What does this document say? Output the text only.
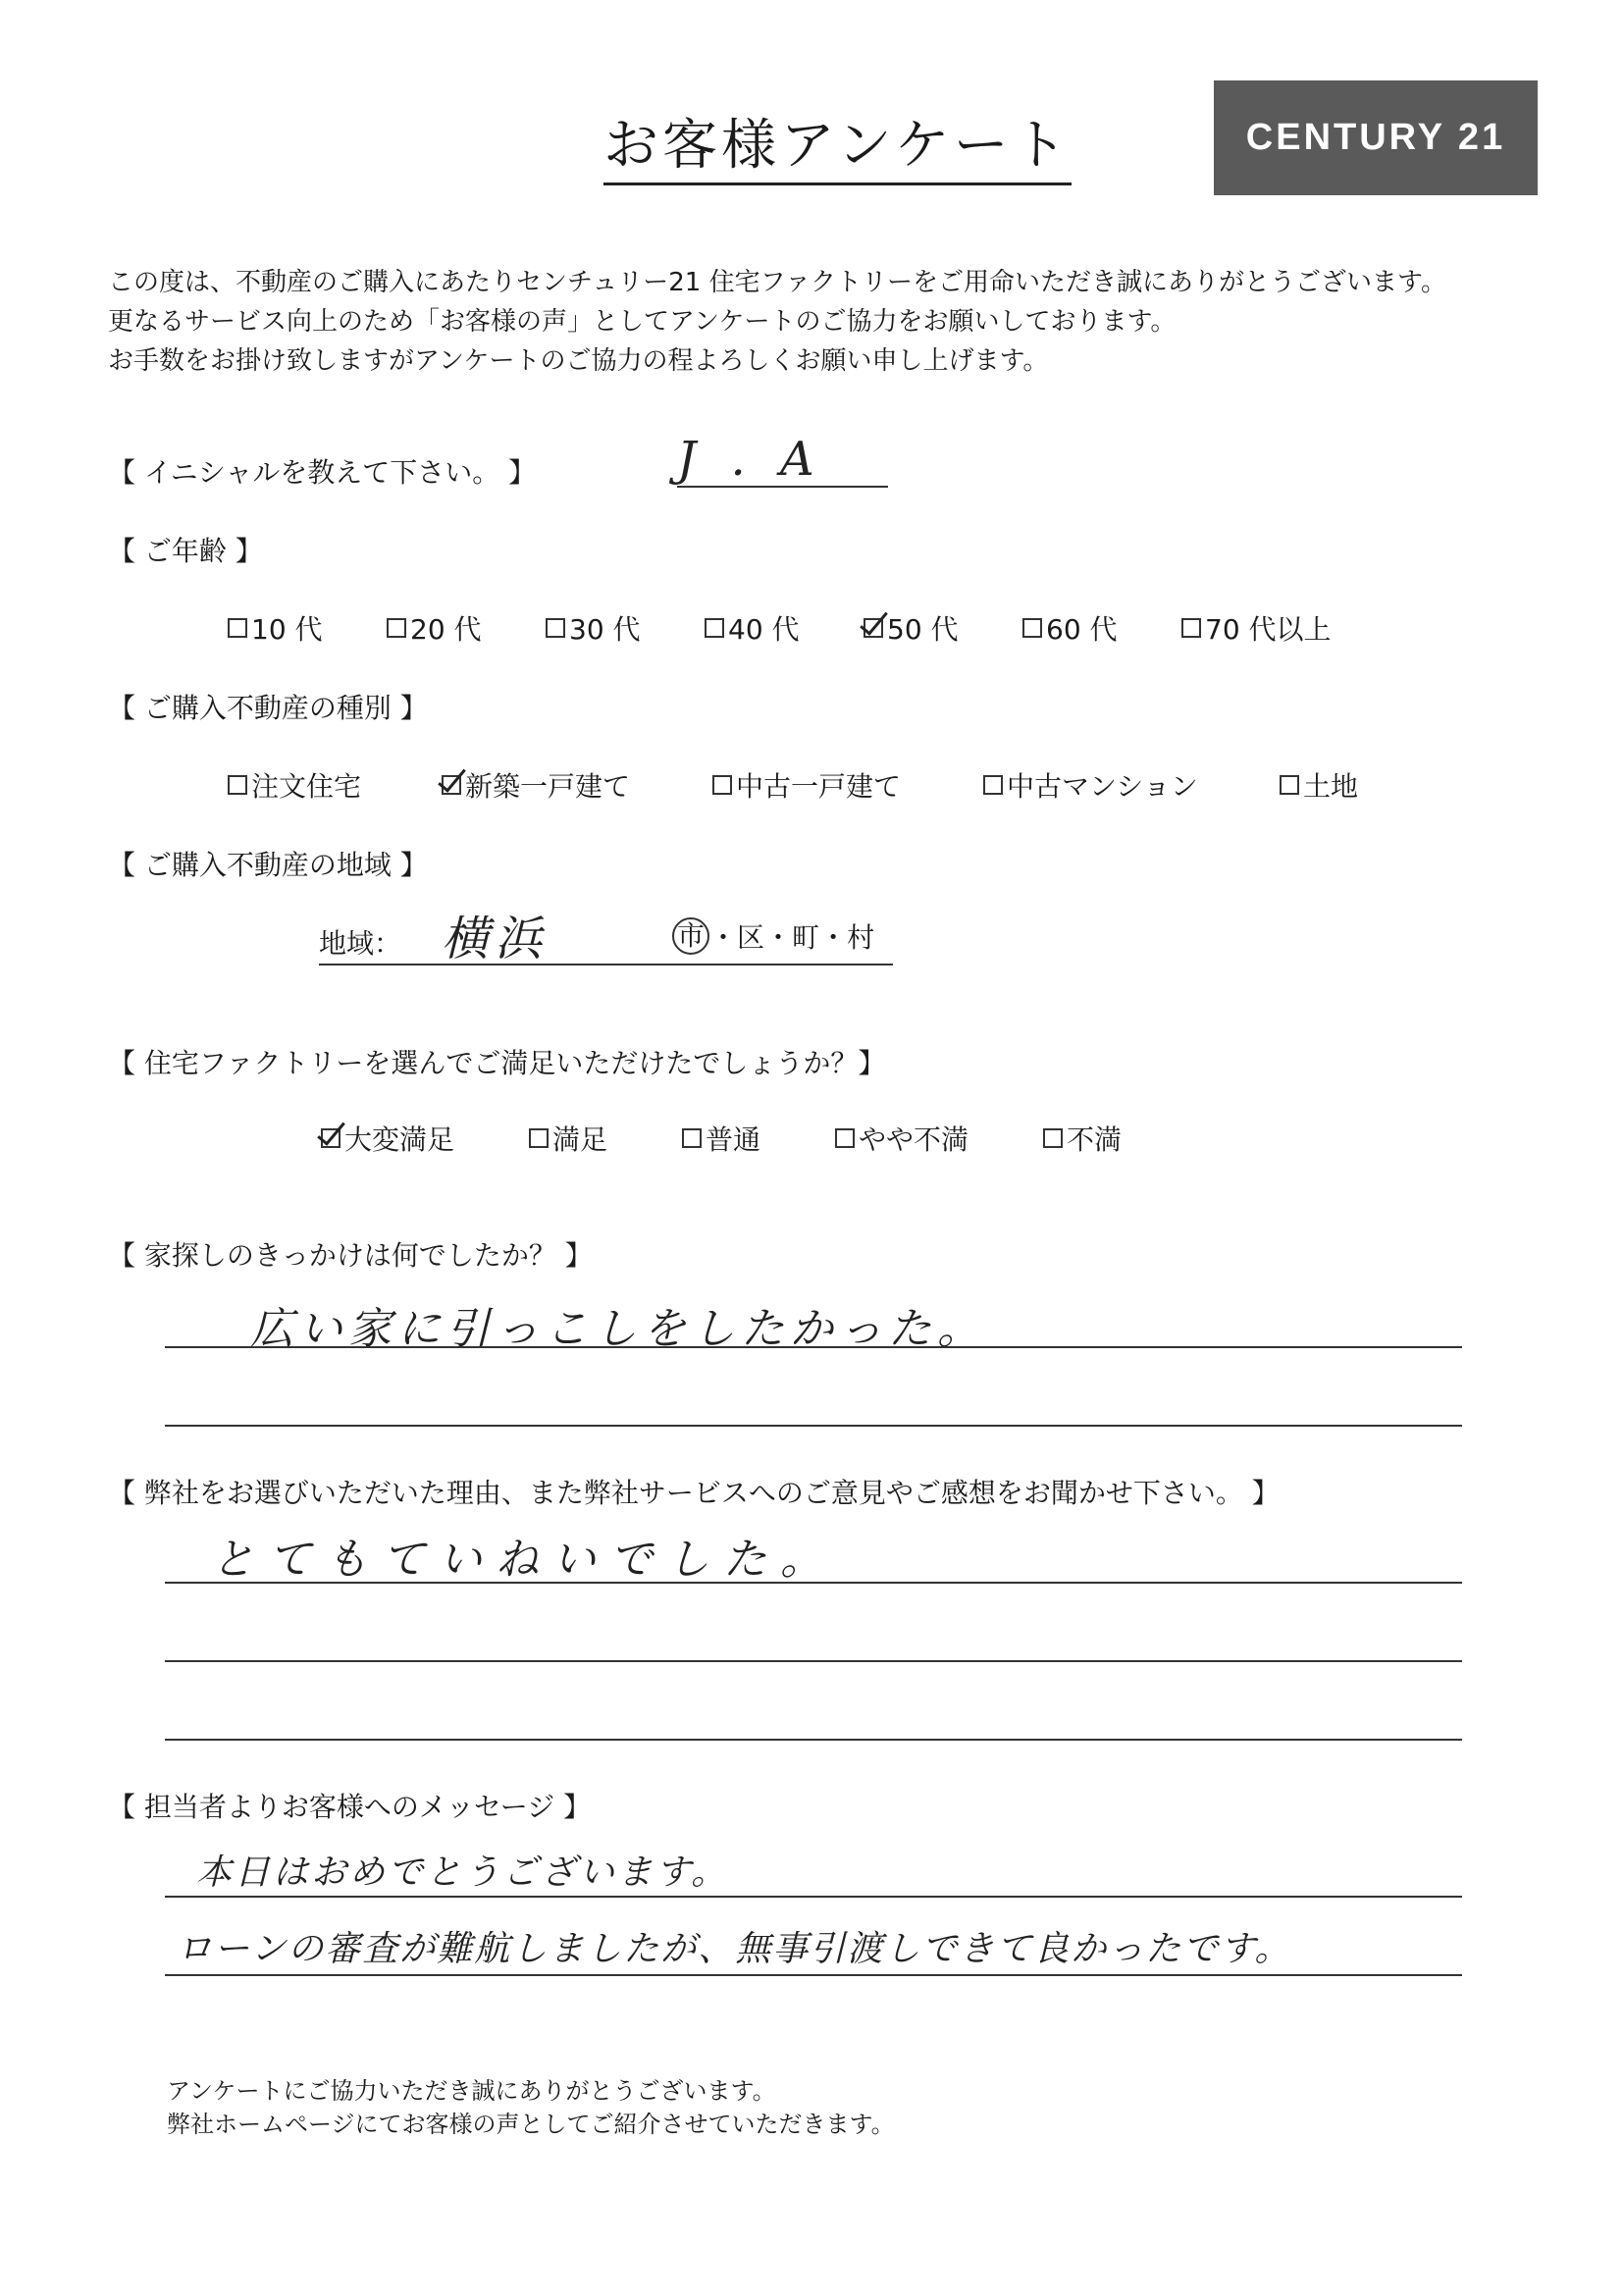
お客様アンケート	CENTURY 21
この度は、不動産のご購入にあたりセンチュリー21 住宅ファクトリーをご用命いただき誠にありがとうございます。
更なるサービス向上のため「お客様の声」としてアンケートのご協力をお願いしております。
お手数をお掛け致しますがアンケートのご協力の程よろしくお願い申し上げます。
【 イニシャルを教えて下さい。 】	J . A
【 ご年齢 】
10 代	20 代	30 代	40 代	50 代	60 代	70 代以上
【 ご購入不動産の種別 】
注文住宅	新築一戸建て	中古一戸建て	中古マンション	土地
【 ご購入不動産の地域 】
地域： 横浜	市 ・ 区 ・ 町 ・ 村
【 住宅ファクトリーを選んでご満足いただけたでしょうか？】
大変満足	満足	普通	やや不満	不満
【 家探しのきっかけは何でしたか？ 】
広い家に引っこしをしたかった。
【 弊社をお選びいただいた理由、また弊社サービスへのご意見やご感想をお聞かせ下さい。 】
とてもていねいでした。
【 担当者よりお客様へのメッセージ 】
本日はおめでとうございます。
ローンの審査が難航しましたが、無事引渡しできて良かったです。
アンケートにご協力いただき誠にありがとうございます。
弊社ホームページにてお客様の声としてご紹介させていただきます。
